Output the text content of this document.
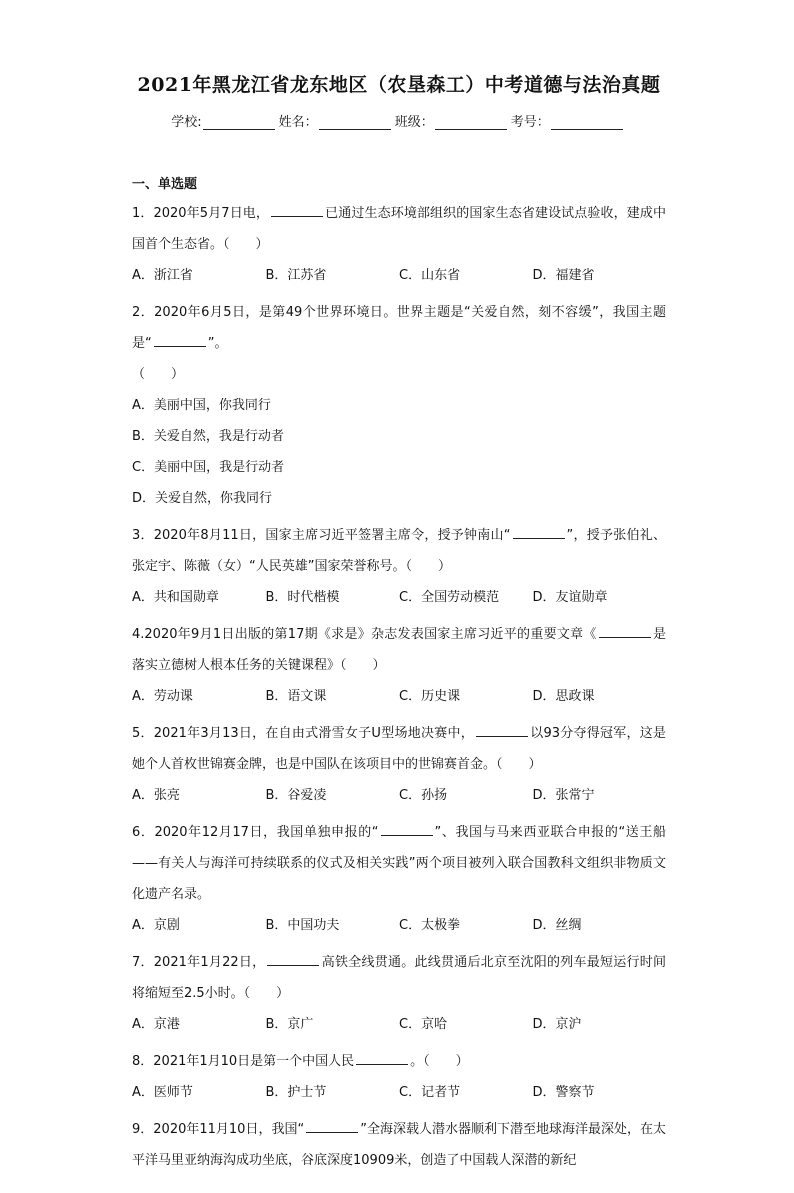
2021年黑龙江省龙东地区（农垦森工）中考道德与法治真题
学校:	姓名：	班级：	考号：
一、单选题
1．2020年5月7日电，	已通过生态环境部组织的国家生态省建设试点验收，建成中国首个生态省。（　　）
A．浙江省	B．江苏省	C．山东省	D．福建省
2．2020年6月5日，是第49个世界环境日。世界主题是“关爱自然，刻不容缓”，我国主题是“	”。
（　　）
A．美丽中国，你我同行
B．关爱自然，我是行动者
C．美丽中国，我是行动者
D．关爱自然，你我同行
3．2020年8月11日，国家主席习近平签署主席令，授予钟南山“	”，授予张伯礼、张定宇、陈薇（女）“人民英雄”国家荣誉称号。（　　）
A．共和国勋章	B．时代楷模	C．全国劳动模范	D．友谊勋章
4.2020年9月1日出版的第17期《求是》杂志发表国家主席习近平的重要文章《	是落实立德树人根本任务的关键课程》（　　）
A．劳动课	B．语文课	C．历史课	D．思政课
5．2021年3月13日，在自由式滑雪女子U型场地决赛中，	以93分夺得冠军，这是她个人首枚世锦赛金牌，也是中国队在该项目中的世锦赛首金。（　　）
A．张亮	B．谷爱凌	C．孙扬	D．张常宁
6．2020年12月17日，我国单独申报的“	”、我国与马来西亚联合申报的“送王船——有关人与海洋可持续联系的仪式及相关实践”两个项目被列入联合国教科文组织非物质文化遗产名录。
A．京剧	B．中国功夫	C．太极拳	D．丝绸
7．2021年1月22日，	高铁全线贯通。此线贯通后北京至沈阳的列车最短运行时间将缩短至2.5小时。（　　）
A．京港	B．京广	C．京哈	D．京沪
8．2021年1月10日是第一个中国人民	。（　　）
A．医师节	B．护士节	C．记者节	D．警察节
9．2020年11月10日，我国“	”全海深载人潜水器顺利下潜至地球海洋最深处，在太平洋马里亚纳海沟成功坐底，谷底深度10909米，创造了中国载人深潜的新纪
